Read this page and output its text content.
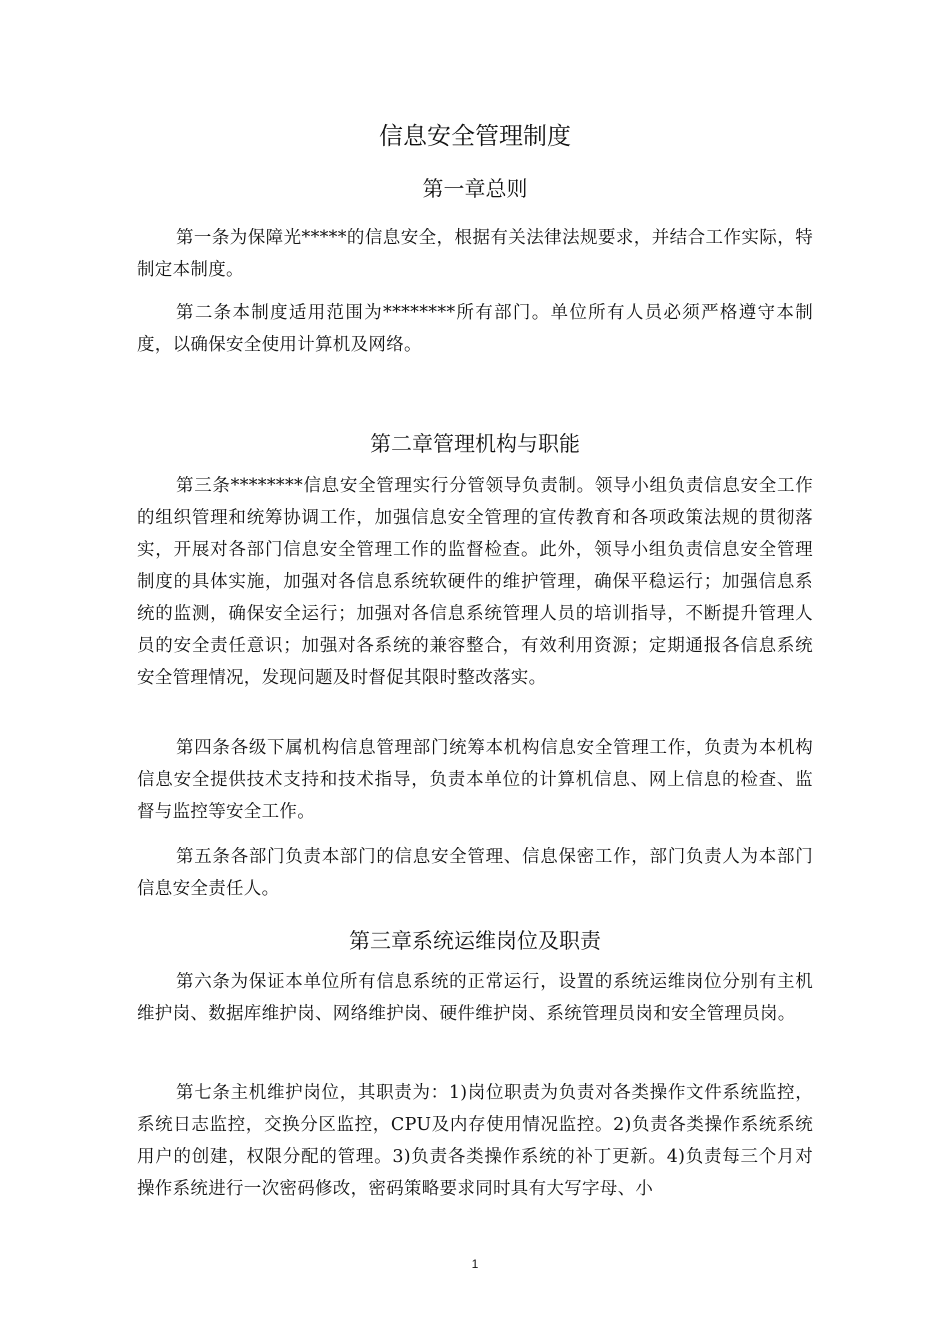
信息安全管理制度
第一章总则

第一条为保障光*****的信息安全，根据有关法律法规要求，并结合工作实际，特制定本制度。

第二条本制度适用范围为********所有部门。单位所有人员必须严格遵守本制度，以确保安全使用计算机及网络。

第二章管理机构与职能

第三条********信息安全管理实行分管领导负责制。领导小组负责信息安全工作的组织管理和统筹协调工作，加强信息安全管理的宣传教育和各项政策法规的贯彻落实，开展对各部门信息安全管理工作的监督检查。此外，领导小组负责信息安全管理制度的具体实施，加强对各信息系统软硬件的维护管理，确保平稳运行；加强信息系统的监测，确保安全运行；加强对各信息系统管理人员的培训指导，不断提升管理人员的安全责任意识；加强对各系统的兼容整合，有效利用资源；定期通报各信息系统安全管理情况，发现问题及时督促其限时整改落实。

第四条各级下属机构信息管理部门统筹本机构信息安全管理工作，负责为本机构信息安全提供技术支持和技术指导，负责本单位的计算机信息、网上信息的检查、监督与监控等安全工作。

第五条各部门负责本部门的信息安全管理、信息保密工作，部门负责人为本部门信息安全责任人。

第三章系统运维岗位及职责

第六条为保证本单位所有信息系统的正常运行，设置的系统运维岗位分别有主机维护岗、数据库维护岗、网络维护岗、硬件维护岗、系统管理员岗和安全管理员岗。

第七条主机维护岗位，其职责为：1)岗位职责为负责对各类操作文件系统监控，系统日志监控，交换分区监控，CPU及内存使用情况监控。2)负责各类操作系统系统用户的创建，权限分配的管理。3)负责各类操作系统的补丁更新。4)负责每三个月对操作系统进行一次密码修改，密码策略要求同时具有大写字母、小

1
